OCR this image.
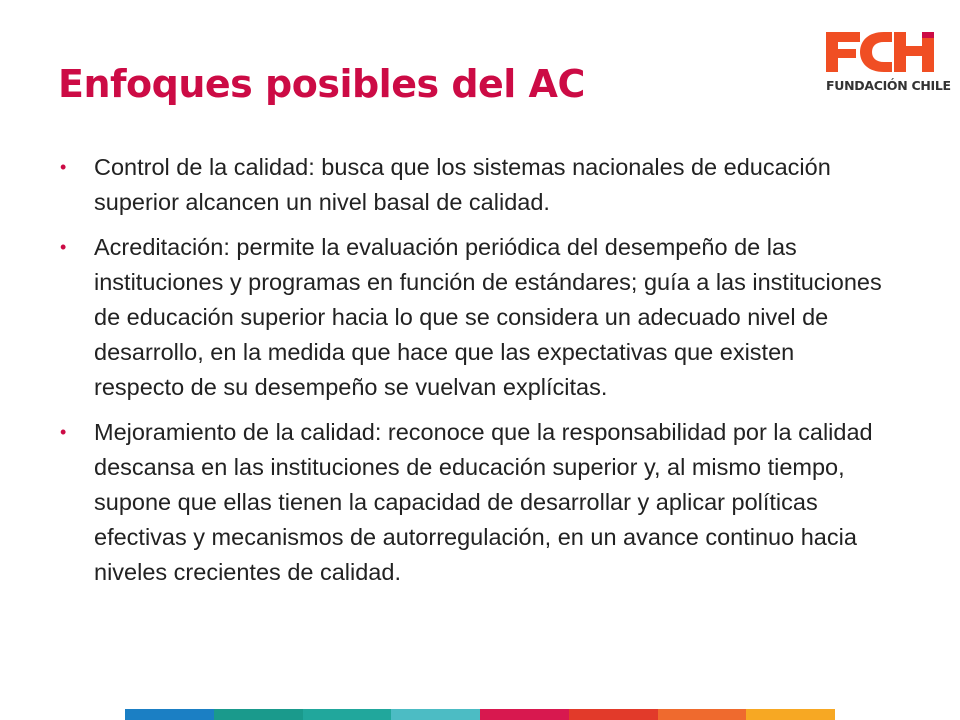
Enfoques posibles del AC	FUNDACIÓN CHILE
• Control de la calidad: busca que los sistemas nacionales de educación superior alcancen un nivel basal de calidad.
• Acreditación: permite la evaluación periódica del desempeño de las instituciones y programas en función de estándares; guía a las instituciones de educación superior hacia lo que se considera un adecuado nivel de desarrollo, en la medida que hace que las expectativas que existen respecto de su desempeño se vuelvan explícitas.
• Mejoramiento de la calidad: reconoce que la responsabilidad por la calidad descansa en las instituciones de educación superior y, al mismo tiempo, supone que ellas tienen la capacidad de desarrollar y aplicar políticas efectivas y mecanismos de autorregulación, en un avance continuo hacia niveles crecientes de calidad.
